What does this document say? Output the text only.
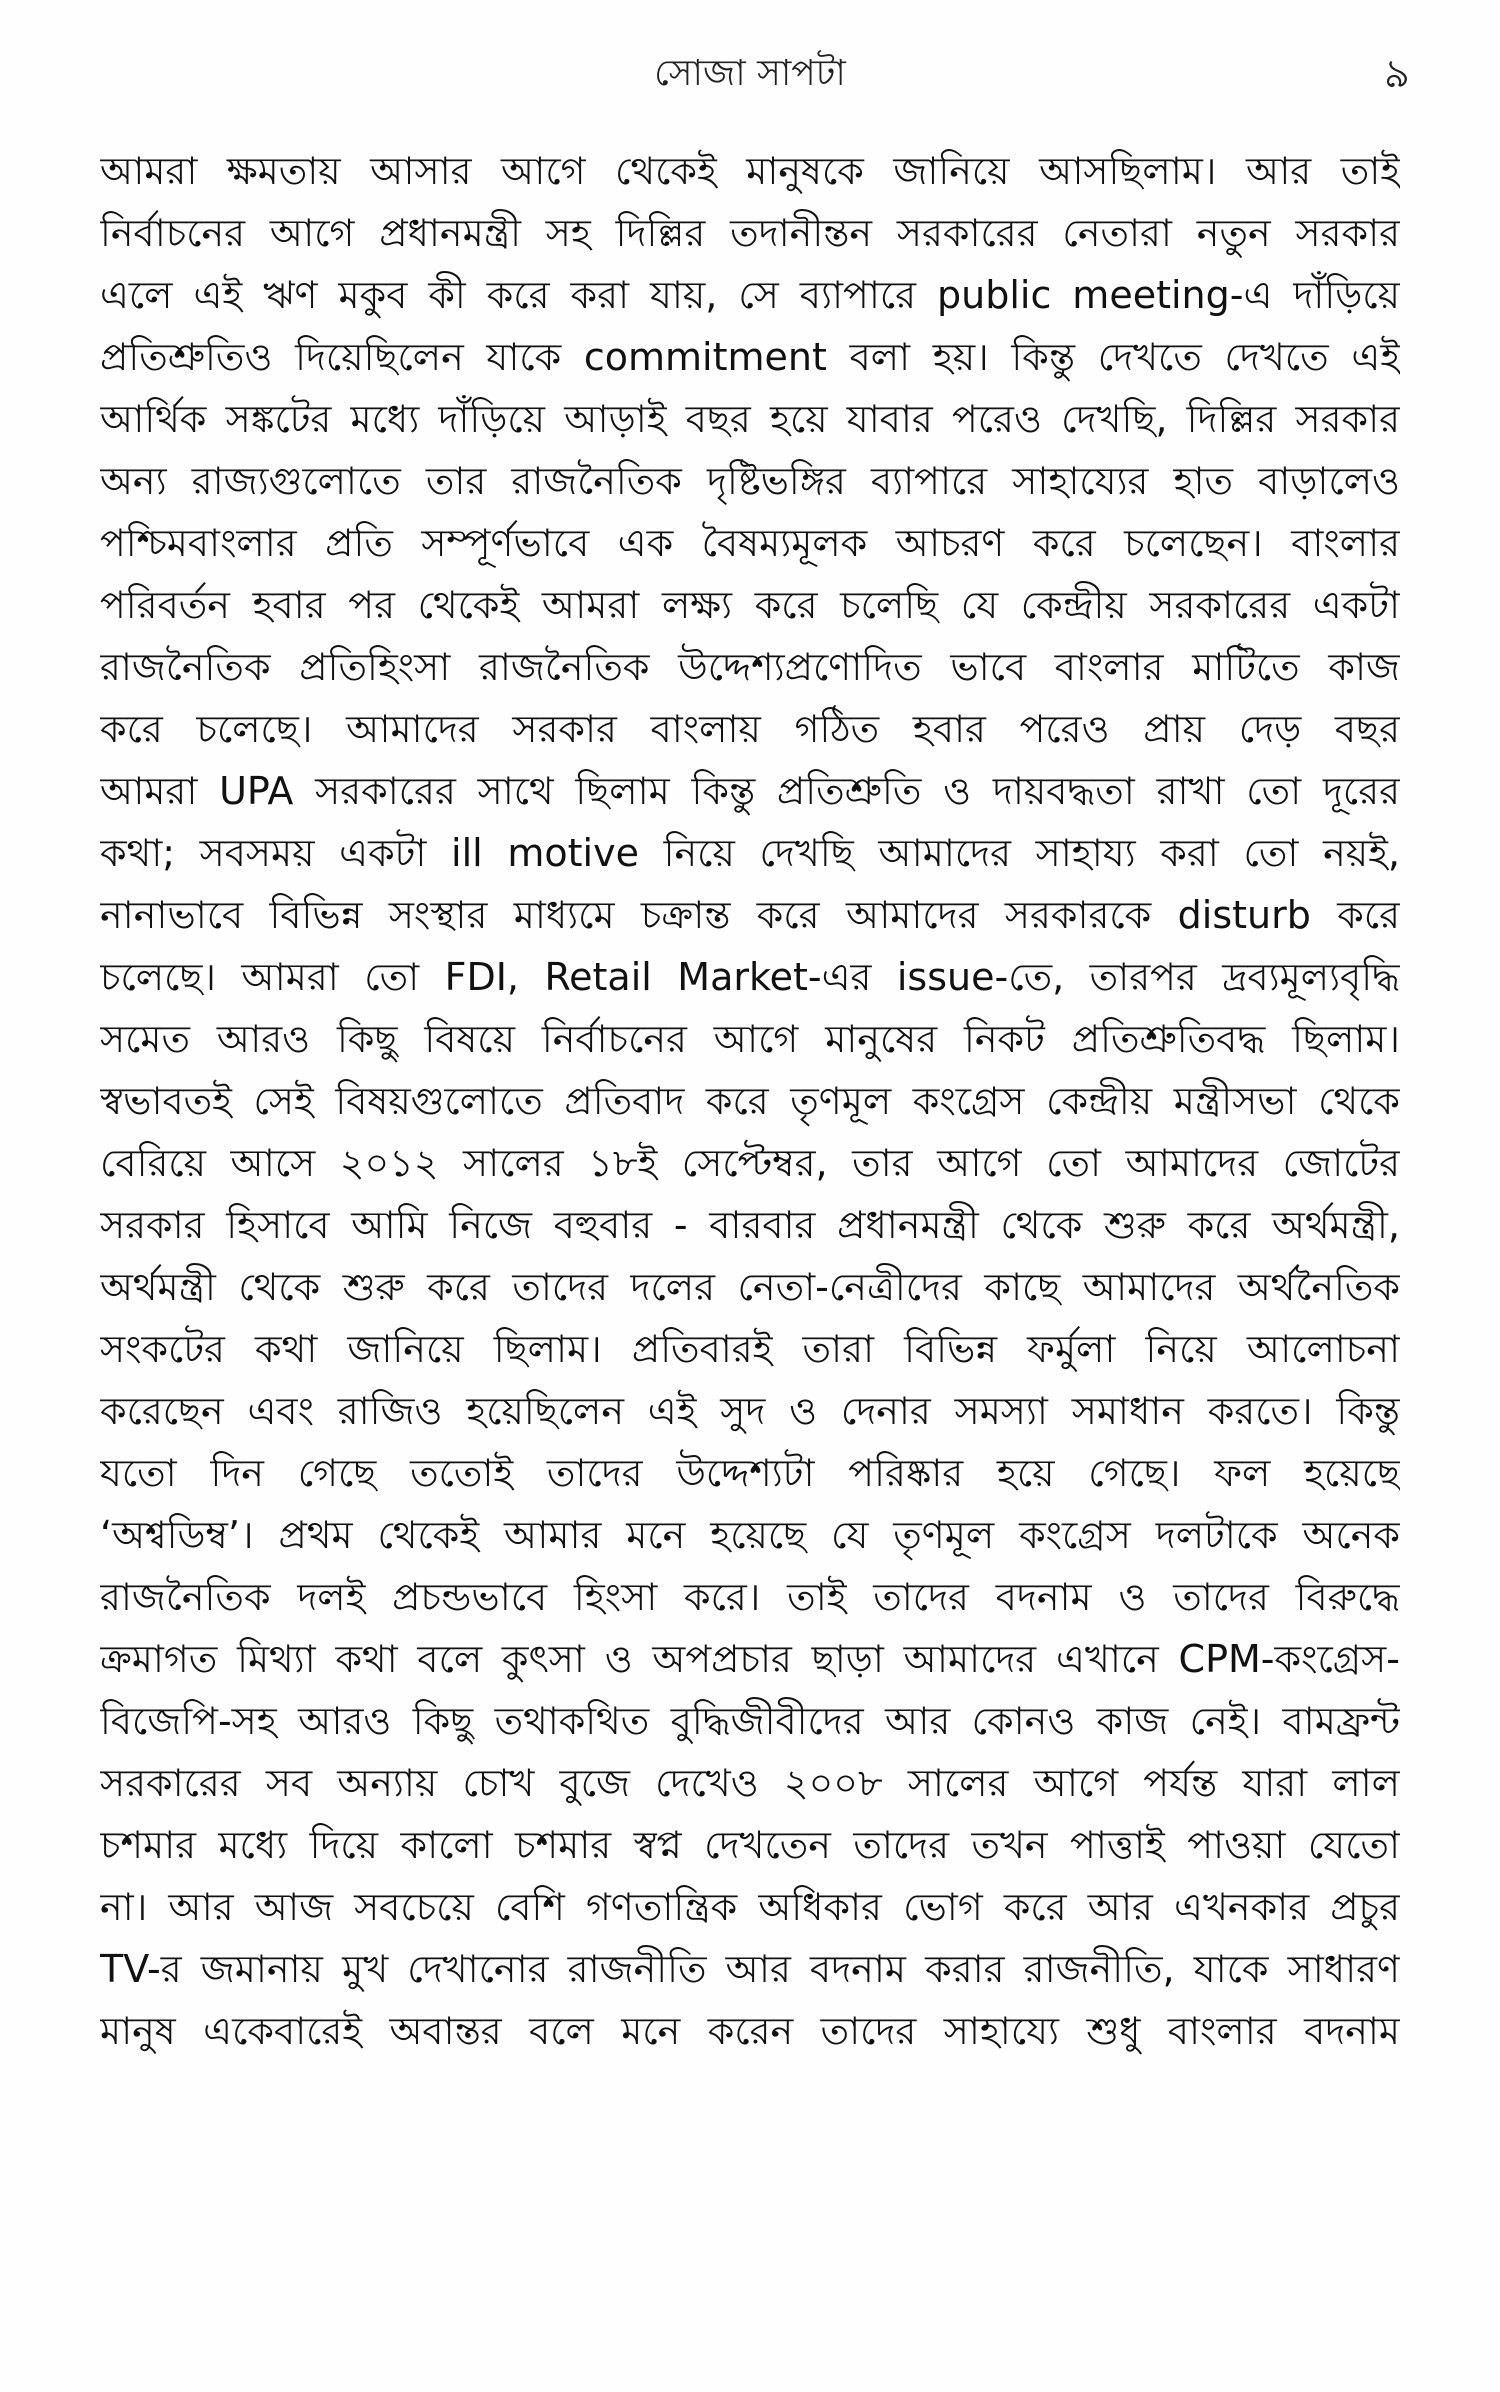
সোজা সাপটা	৯
আমরা ক্ষমতায় আসার আগে থেকেই মানুষকে জানিয়ে আসছিলাম। আর তাই
নির্বাচনের আগে প্রধানমন্ত্রী সহ দিল্লির তদানীন্তন সরকারের নেতারা নতুন সরকার
এলে এই ঋণ মকুব কী করে করা যায়, সে ব্যাপারে public meeting-এ দাঁড়িয়ে
প্রতিশ্রুতিও দিয়েছিলেন যাকে commitment বলা হয়। কিন্তু দেখতে দেখতে এই
আর্থিক সঙ্কটের মধ্যে দাঁড়িয়ে আড়াই বছর হয়ে যাবার পরেও দেখছি, দিল্লির সরকার
অন্য রাজ্যগুলোতে তার রাজনৈতিক দৃষ্টিভঙ্গির ব্যাপারে সাহায্যের হাত বাড়ালেও
পশ্চিমবাংলার প্রতি সম্পূর্ণভাবে এক বৈষম্যমূলক আচরণ করে চলেছেন। বাংলার
পরিবর্তন হবার পর থেকেই আমরা লক্ষ্য করে চলেছি যে কেন্দ্রীয় সরকারের একটা
রাজনৈতিক প্রতিহিংসা রাজনৈতিক উদ্দেশ্যপ্রণোদিত ভাবে বাংলার মাটিতে কাজ
করে চলেছে। আমাদের সরকার বাংলায় গঠিত হবার পরেও প্রায় দেড় বছর
আমরা UPA সরকারের সাথে ছিলাম কিন্তু প্রতিশ্রুতি ও দায়বদ্ধতা রাখা তো দূরের
কথা; সবসময় একটা ill motive নিয়ে দেখছি আমাদের সাহায্য করা তো নয়ই,
নানাভাবে বিভিন্ন সংস্থার মাধ্যমে চক্রান্ত করে আমাদের সরকারকে disturb করে
চলেছে। আমরা তো FDI, Retail Market-এর issue-তে, তারপর দ্রব্যমূল্যবৃদ্ধি
সমেত আরও কিছু বিষয়ে নির্বাচনের আগে মানুষের নিকট প্রতিশ্রুতিবদ্ধ ছিলাম।
স্বভাবতই সেই বিষয়গুলোতে প্রতিবাদ করে তৃণমূল কংগ্রেস কেন্দ্রীয় মন্ত্রীসভা থেকে
বেরিয়ে আসে ২০১২ সালের ১৮ই সেপ্টেম্বর, তার আগে তো আমাদের জোটের
সরকার হিসাবে আমি নিজে বহুবার - বারবার প্রধানমন্ত্রী থেকে শুরু করে অর্থমন্ত্রী,
অর্থমন্ত্রী থেকে শুরু করে তাদের দলের নেতা-নেত্রীদের কাছে আমাদের অর্থনৈতিক
সংকটের কথা জানিয়ে ছিলাম। প্রতিবারই তারা বিভিন্ন ফর্মুলা নিয়ে আলোচনা
করেছেন এবং রাজিও হয়েছিলেন এই সুদ ও দেনার সমস্যা সমাধান করতে। কিন্তু
যতো দিন গেছে ততোই তাদের উদ্দেশ্যটা পরিষ্কার হয়ে গেছে। ফল হয়েছে
‘অশ্বডিম্ব’। প্রথম থেকেই আমার মনে হয়েছে যে তৃণমূল কংগ্রেস দলটাকে অনেক
রাজনৈতিক দলই প্রচন্ডভাবে হিংসা করে। তাই তাদের বদনাম ও তাদের বিরুদ্ধে
ক্রমাগত মিথ্যা কথা বলে কুৎসা ও অপপ্রচার ছাড়া আমাদের এখানে CPM-কংগ্রেস-
বিজেপি-সহ আরও কিছু তথাকথিত বুদ্ধিজীবীদের আর কোনও কাজ নেই। বামফ্রন্ট
সরকারের সব অন্যায় চোখ বুজে দেখেও ২০০৮ সালের আগে পর্যন্ত যারা লাল
চশমার মধ্যে দিয়ে কালো চশমার স্বপ্ন দেখতেন তাদের তখন পাত্তাই পাওয়া যেতো
না। আর আজ সবচেয়ে বেশি গণতান্ত্রিক অধিকার ভোগ করে আর এখনকার প্রচুর
TV-র জমানায় মুখ দেখানোর রাজনীতি আর বদনাম করার রাজনীতি, যাকে সাধারণ
মানুষ একেবারেই অবান্তর বলে মনে করেন তাদের সাহায্যে শুধু বাংলার বদনাম
